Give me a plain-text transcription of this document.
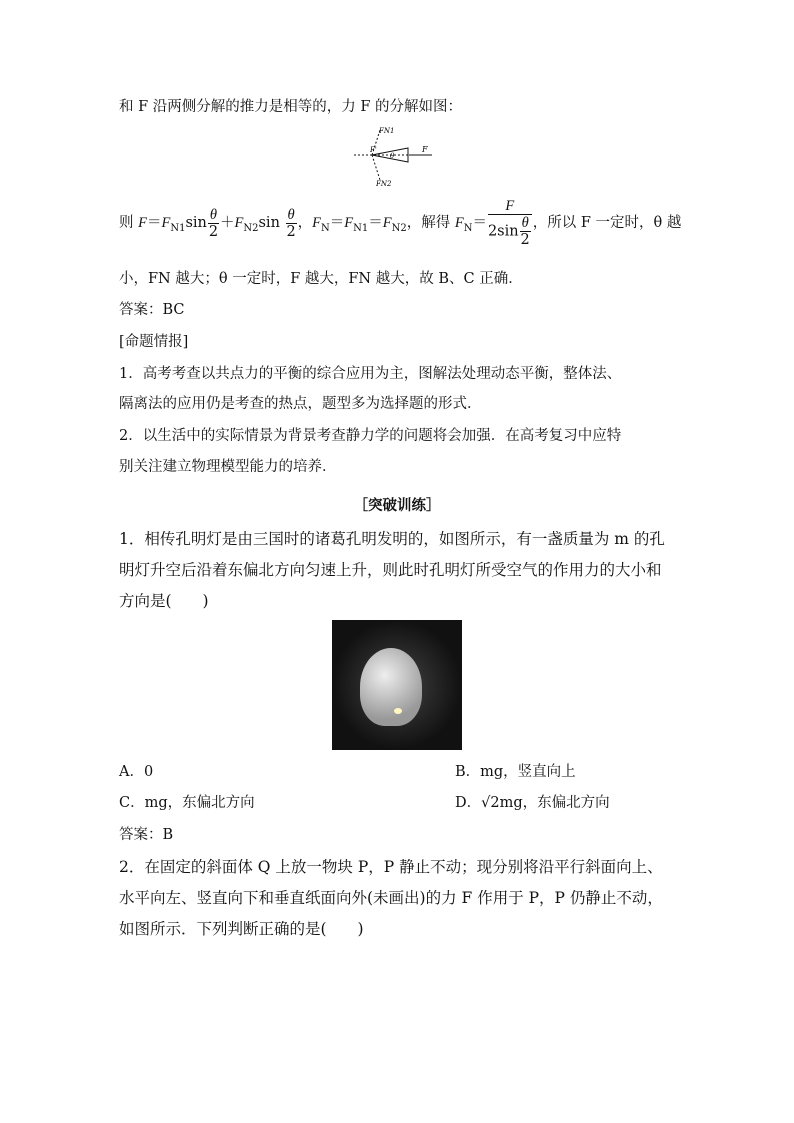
和 F 沿两侧分解的推力是相等的，力 F 的分解如图：
FN1
FN2
F
F'
θ
则 $F=F_{N1}\sin \frac{\theta}{2} +F_{N2}\sin \frac{\theta}{2}$ ，$F_N=F_{N1}=F_{N2}$，解得 $F_N= \frac{F}{2\sin \frac{\theta}{2}}$ ，所以 F 一定时，θ 越
小，FN 越大；θ 一定时，F 越大，FN 越大，故 B、C 正确．
答案：BC
[命题情报]
1．高考考查以共点力的平衡的综合应用为主，图解法处理动态平衡，整体法、
隔离法的应用仍是考查的热点，题型多为选择题的形式．
2．以生活中的实际情景为背景考查静力学的问题将会加强．在高考复习中应特
别关注建立物理模型能力的培养．
［突破训练］
1．相传孔明灯是由三国时的诸葛孔明发明的，如图所示，有一盏质量为 m 的孔
明灯升空后沿着东偏北方向匀速上升，则此时孔明灯所受空气的作用力的大小和
方向是(　　)
A．0	B．mg，竖直向上
C．mg，东偏北方向	D．√2mg，东偏北方向
答案：B
2．在固定的斜面体 Q 上放一物块 P，P 静止不动；现分别将沿平行斜面向上、
水平向左、竖直向下和垂直纸面向外(未画出)的力 F 作用于 P，P 仍静止不动，
如图所示．下列判断正确的是(　　)
